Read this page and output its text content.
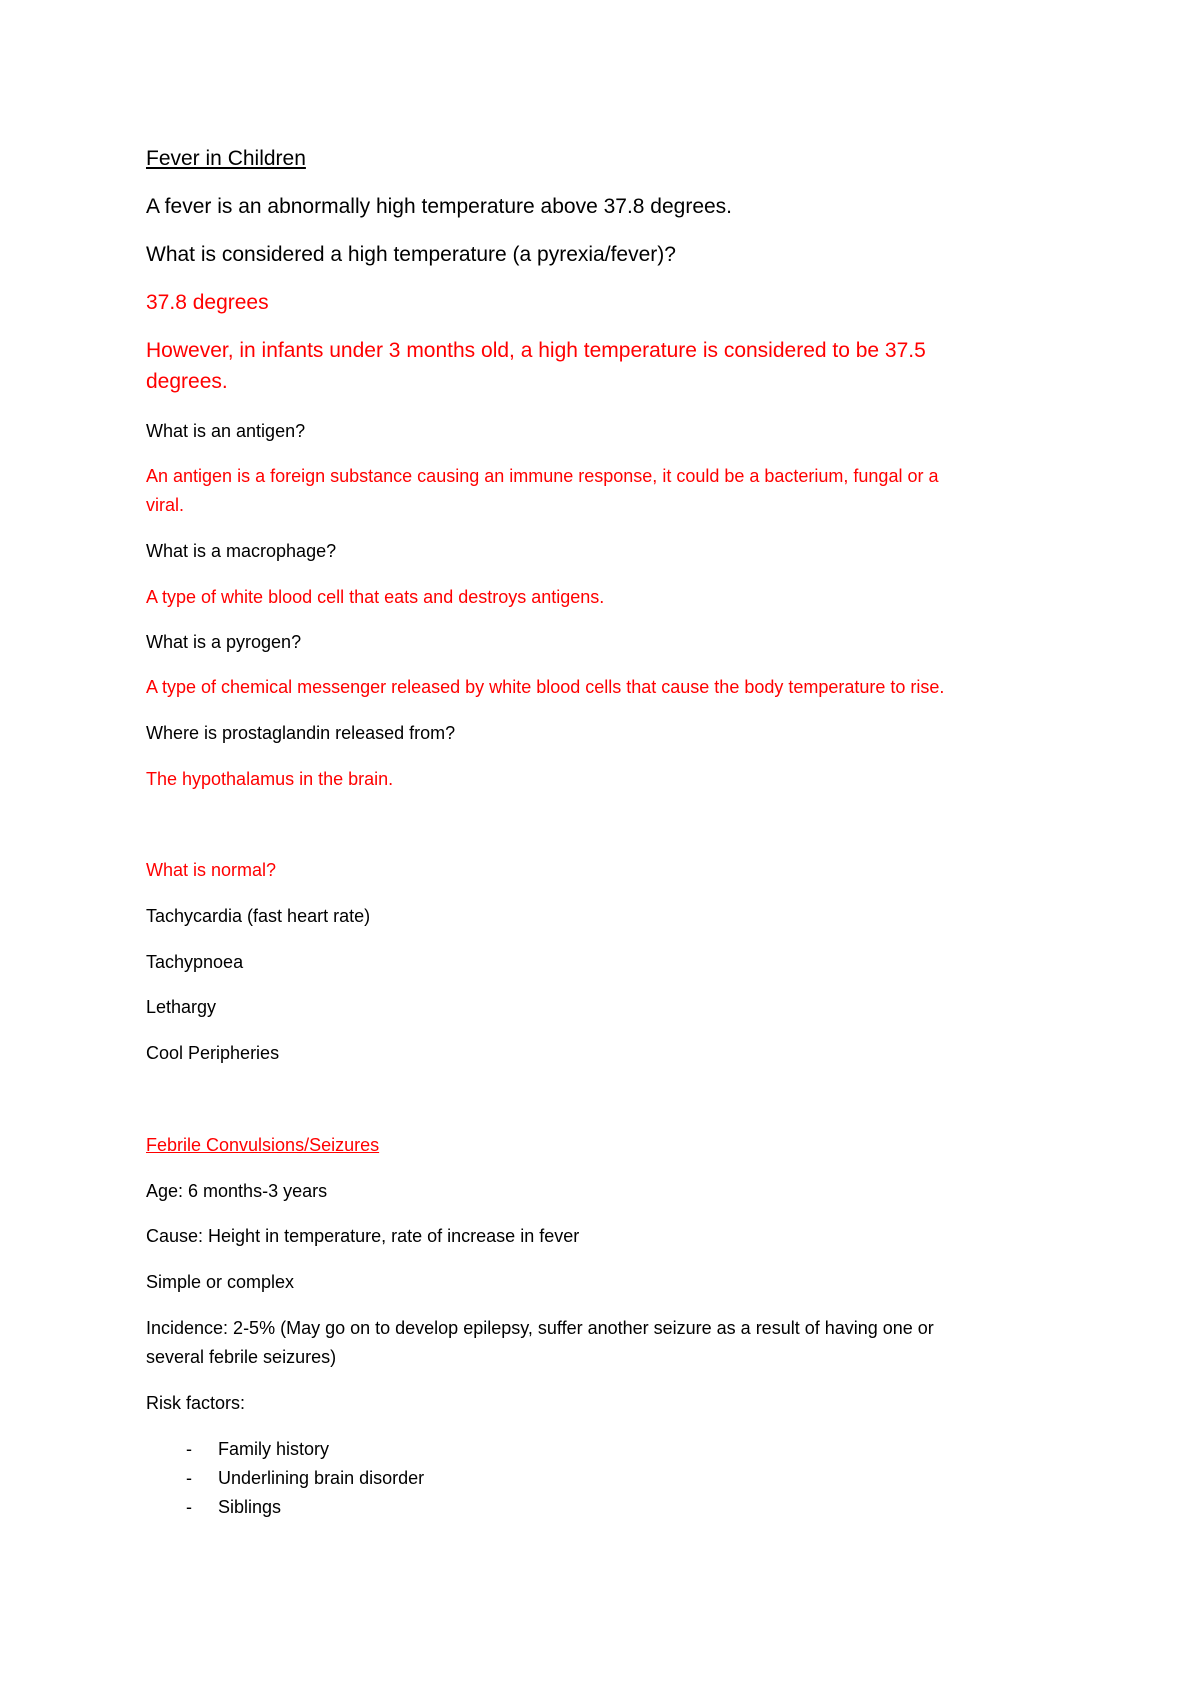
Fever in Children
A fever is an abnormally high temperature above 37.8 degrees.
What is considered a high temperature (a pyrexia/fever)?
37.8 degrees
However, in infants under 3 months old, a high temperature is considered to be 37.5
degrees.
What is an antigen?
An antigen is a foreign substance causing an immune response, it could be a bacterium, fungal or a
viral.
What is a macrophage?
A type of white blood cell that eats and destroys antigens.
What is a pyrogen?
A type of chemical messenger released by white blood cells that cause the body temperature to rise.
Where is prostaglandin released from?
The hypothalamus in the brain.
What is normal?
Tachycardia (fast heart rate)
Tachypnoea
Lethargy
Cool Peripheries
Febrile Convulsions/Seizures
Age: 6 months-3 years
Cause: Height in temperature, rate of increase in fever
Simple or complex
Incidence: 2-5% (May go on to develop epilepsy, suffer another seizure as a result of having one or
several febrile seizures)
Risk factors:
- Family history
- Underlining brain disorder
- Siblings
